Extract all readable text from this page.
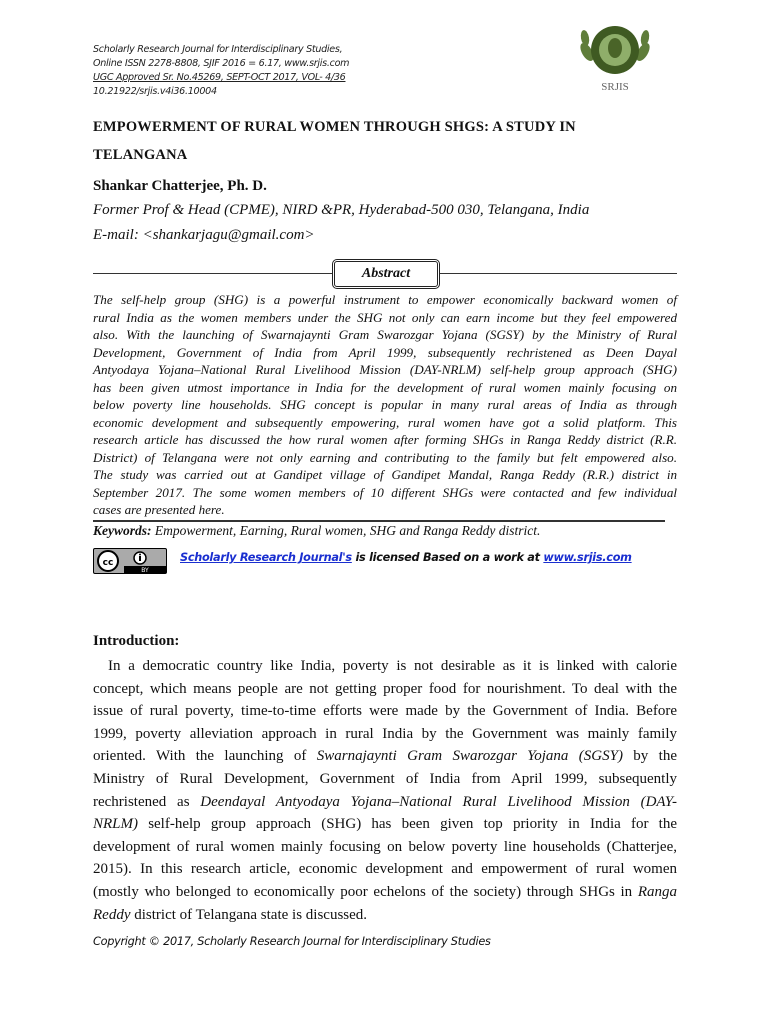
Scholarly Research Journal for Interdisciplinary Studies,
Online ISSN 2278-8808, SJIF 2016 = 6.17, www.srjis.com
UGC Approved Sr. No.45269, SEPT-OCT 2017, VOL- 4/36
10.21922/srjis.v4i36.10004	SRJIS
EMPOWERMENT OF RURAL WOMEN THROUGH SHGS: A STUDY IN
TELANGANA
Shankar Chatterjee, Ph. D.
Former Prof & Head (CPME), NIRD &PR, Hyderabad-500 030, Telangana, India
E-mail: <shankarjagu@gmail.com>
Abstract
The self-help group (SHG) is a powerful instrument to empower economically backward women of
rural India as the women members under the SHG not only can earn income but they feel empowered
also. With the launching of Swarnajaynti Gram Swarozgar Yojana (SGSY) by the Ministry of Rural
Development, Government of India from April 1999, subsequently rechristened as Deen Dayal
Antyodaya Yojana–National Rural Livelihood Mission (DAY-NRLM) self-help group approach (SHG)
has been given utmost importance in India for the development of rural women mainly focusing on
below poverty line households. SHG concept is popular in many rural areas of India as through
economic development and subsequently empowering, rural women have got a solid platform. This
research article has discussed the how rural women after forming SHGs in Ranga Reddy district (R.R.
District) of Telangana were not only earning and contributing to the family but felt empowered also.
The study was carried out at Gandipet village of Gandipet Mandal, Ranga Reddy (R.R.) district in
September 2017. The some women members of 10 different SHGs were contacted and few individual
cases are presented here.
Keywords: Empowerment, Earning, Rural women, SHG and Ranga Reddy district.
cc
BY
Scholarly Research Journal's is licensed Based on a work at www.srjis.com
Introduction:
In a democratic country like India, poverty is not desirable as it is linked with calorie
concept, which means people are not getting proper food for nourishment. To deal with the
issue of rural poverty, time-to-time efforts were made by the Government of India. Before
1999, poverty alleviation approach in rural India by the Government was mainly family
oriented. With the launching of Swarnajaynti Gram Swarozgar Yojana (SGSY) by the
Ministry of Rural Development, Government of India from April 1999, subsequently
rechristened as Deendayal Antyodaya Yojana–National Rural Livelihood Mission (DAY-
NRLM) self-help group approach (SHG) has been given top priority in India for the
development of rural women mainly focusing on below poverty line households (Chatterjee,
2015). In this research article, economic development and empowerment of rural women
(mostly who belonged to economically poor echelons of the society) through SHGs in Ranga
Reddy district of Telangana state is discussed.
Copyright © 2017, Scholarly Research Journal for Interdisciplinary Studies
